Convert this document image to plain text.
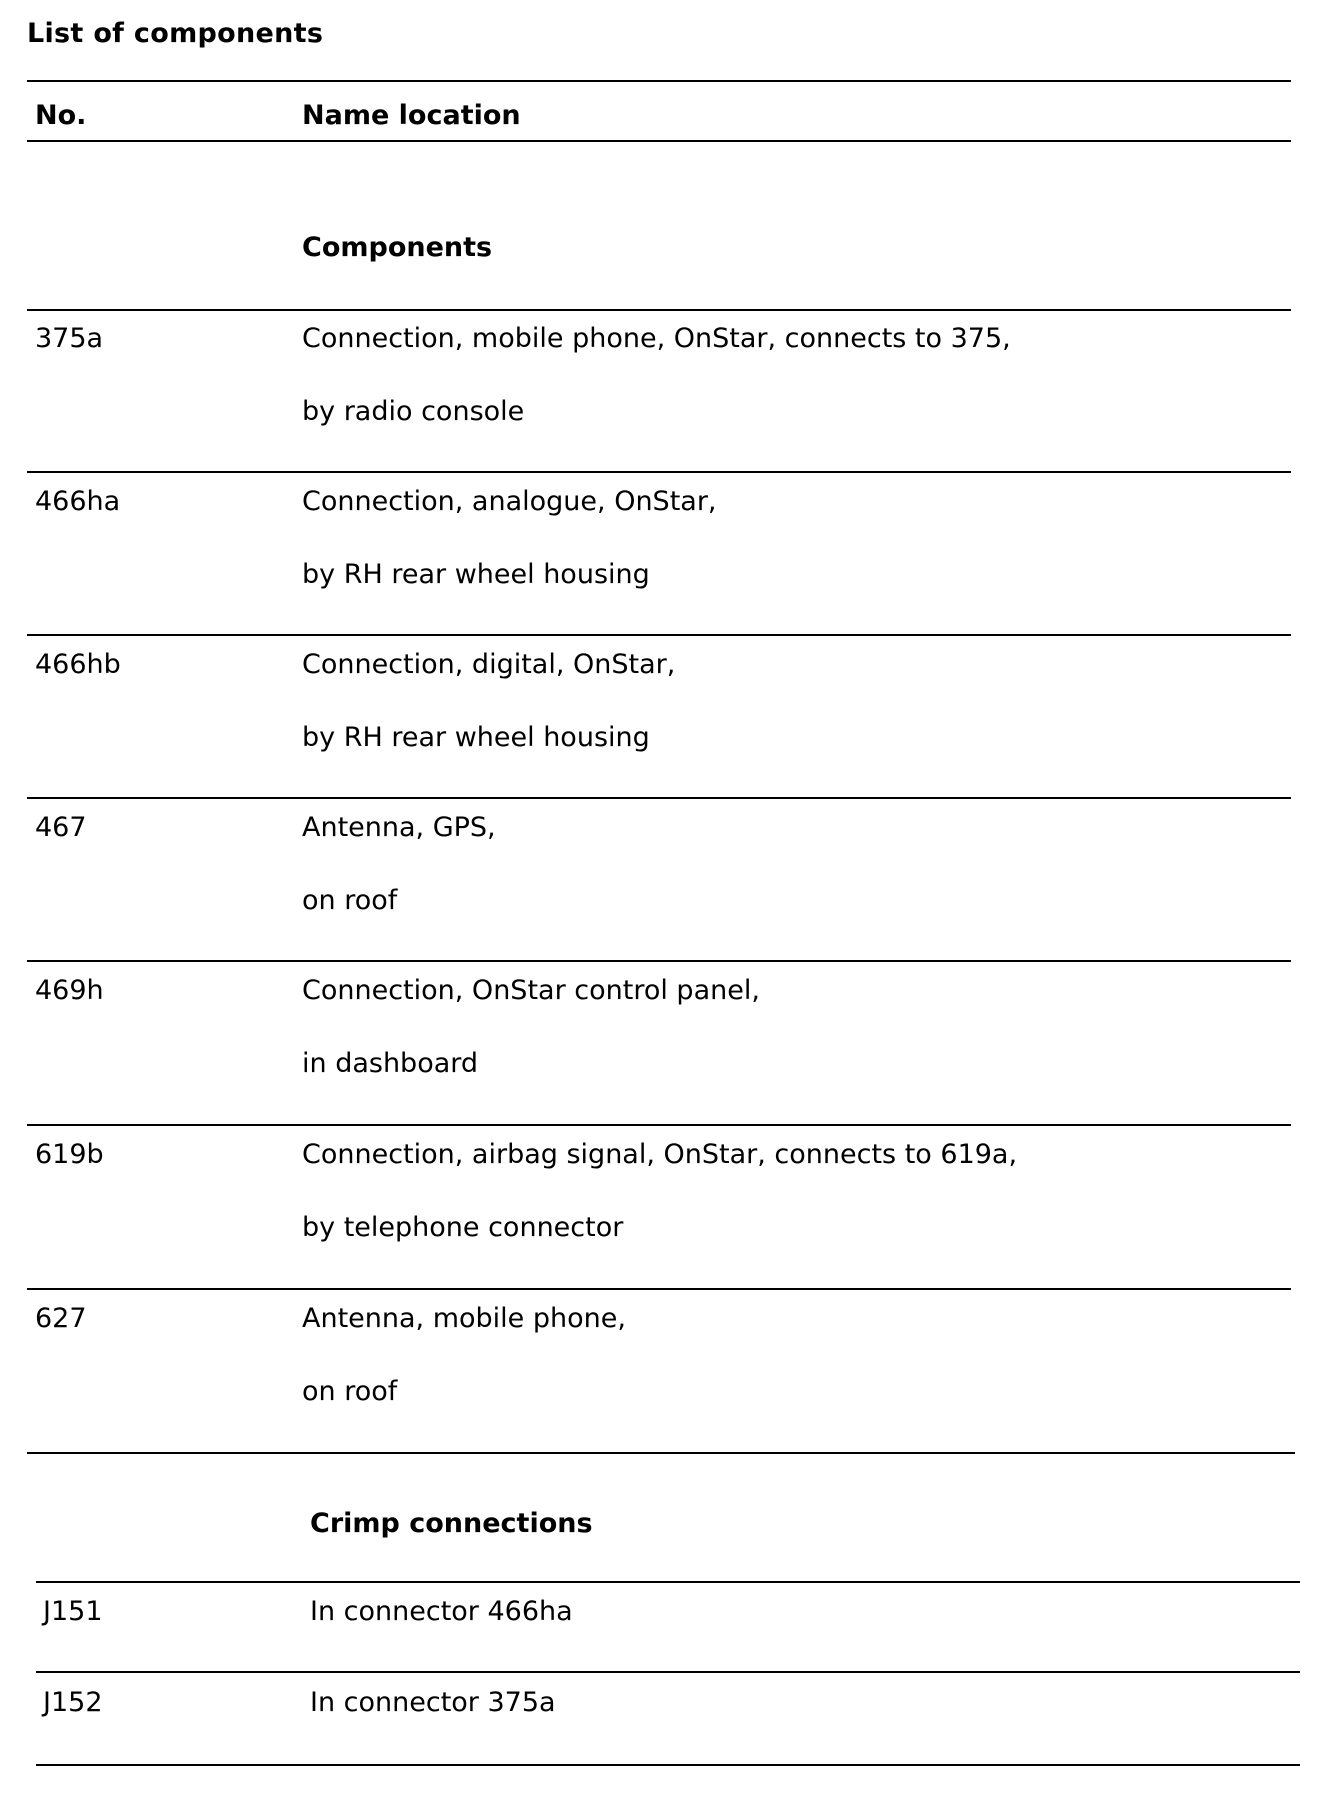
List of components
No.	Name location
Components
375a	Connection, mobile phone, OnStar, connects to 375,
by radio console
466ha	Connection, analogue, OnStar,
by RH rear wheel housing
466hb	Connection, digital, OnStar,
by RH rear wheel housing
467	Antenna, GPS,
on roof
469h	Connection, OnStar control panel,
in dashboard
619b	Connection, airbag signal, OnStar, connects to 619a,
by telephone connector
627	Antenna, mobile phone,
on roof
Crimp connections
J151	In connector 466ha
J152	In connector 375a
